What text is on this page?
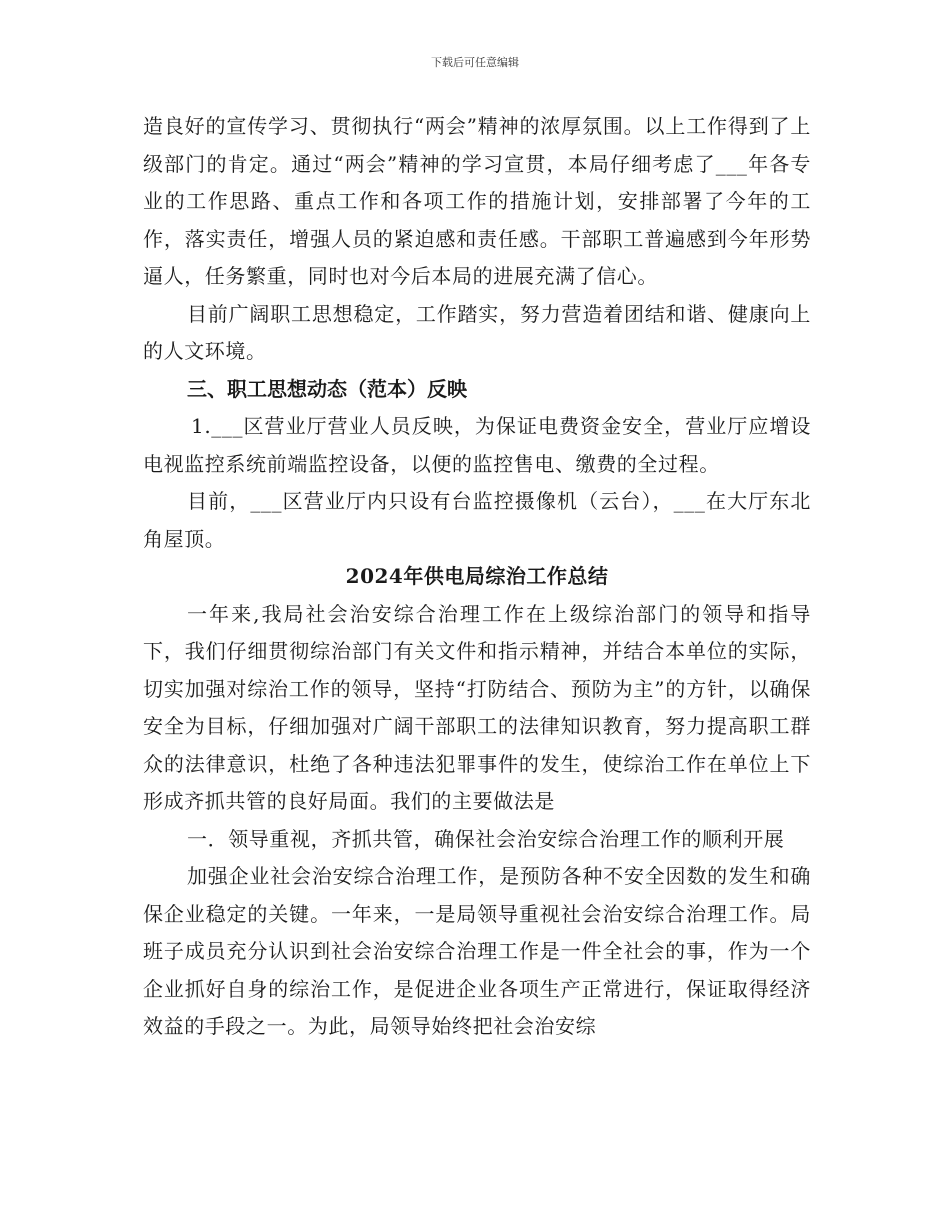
下载后可任意编辑

造良好的宣传学习、贯彻执行“两会”精神的浓厚氛围。以上工作得到了上级部门的肯定。通过“两会”精神的学习宣贯，本局仔细考虑了___年各专业的工作思路、重点工作和各项工作的措施计划，安排部署了今年的工作，落实责任，增强人员的紧迫感和责任感。干部职工普遍感到今年形势逼人，任务繁重，同时也对今后本局的进展充满了信心。

目前广阔职工思想稳定，工作踏实，努力营造着团结和谐、健康向上的人文环境。

三、职工思想动态（范本）反映

1.___区营业厅营业人员反映，为保证电费资金安全，营业厅应增设电视监控系统前端监控设备，以便的监控售电、缴费的全过程。

目前，___区营业厅内只设有台监控摄像机（云台），___在大厅东北角屋顶。

2024年供电局综治工作总结

一年来,我局社会治安综合治理工作在上级综治部门的领导和指导下，我们仔细贯彻综治部门有关文件和指示精神，并结合本单位的实际，切实加强对综治工作的领导，坚持“打防结合、预防为主”的方针，以确保安全为目标，仔细加强对广阔干部职工的法律知识教育，努力提高职工群众的法律意识，杜绝了各种违法犯罪事件的发生，使综治工作在单位上下形成齐抓共管的良好局面。我们的主要做法是

一．领导重视，齐抓共管，确保社会治安综合治理工作的顺利开展

加强企业社会治安综合治理工作，是预防各种不安全因数的发生和确保企业稳定的关键。一年来，一是局领导重视社会治安综合治理工作。局班子成员充分认识到社会治安综合治理工作是一件全社会的事，作为一个企业抓好自身的综治工作，是促进企业各项生产正常进行，保证取得经济效益的手段之一。为此，局领导始终把社会治安综
